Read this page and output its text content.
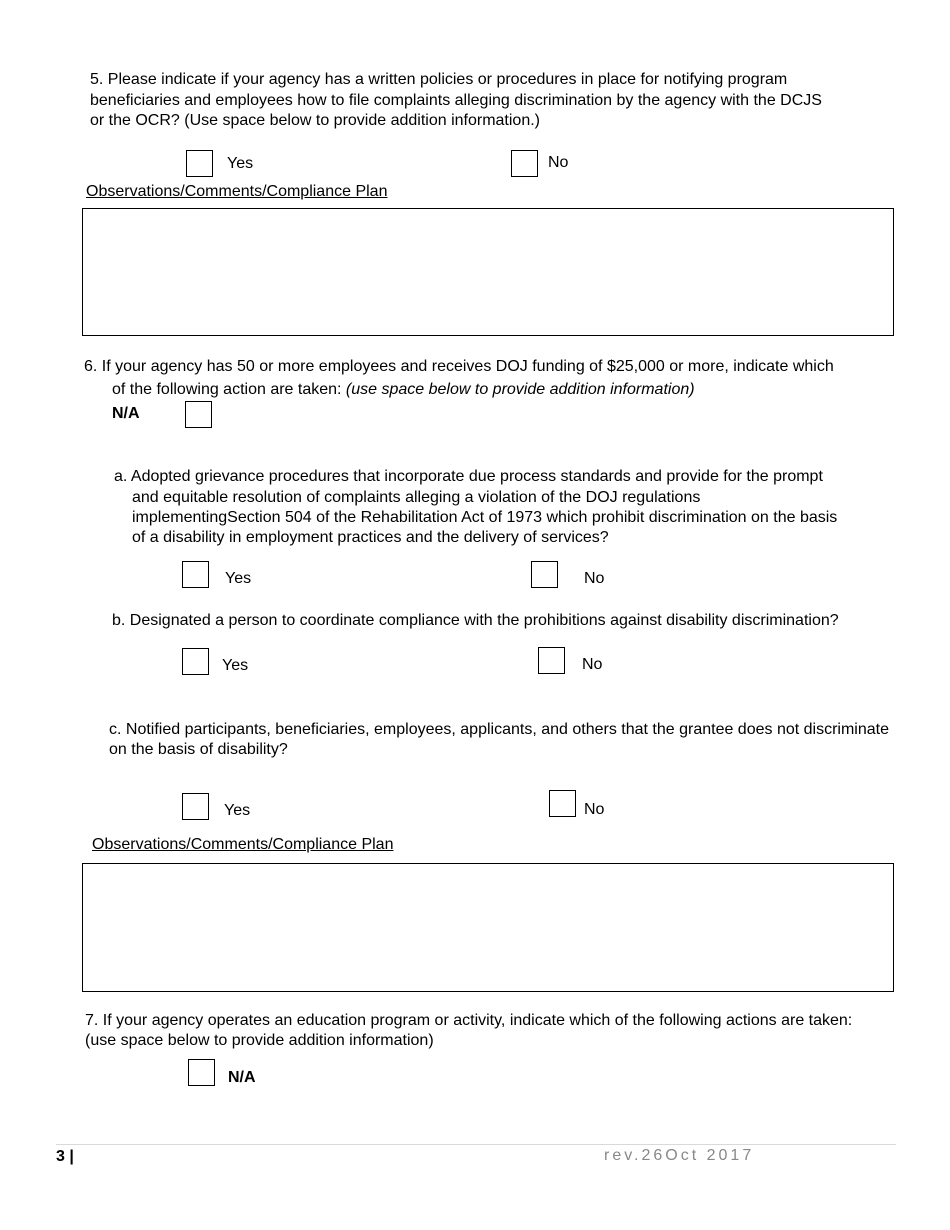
5. Please indicate if your agency has a written policies or procedures in place for notifying program
beneficiaries and employees how to file complaints alleging discrimination by the agency with the DCJS
or the OCR? (Use space below to provide addition information.)
Yes	No
Observations/Comments/Compliance Plan
6. If your agency has 50 or more employees and receives DOJ funding of $25,000 or more, indicate which
of the following action are taken: (use space below to provide addition information)
N/A
a. Adopted grievance procedures that incorporate due process standards and provide for the prompt
and equitable resolution of complaints alleging a violation of the DOJ regulations
implementingSection 504 of the Rehabilitation Act of 1973 which prohibit discrimination on the basis
of a disability in employment practices and the delivery of services?
Yes	No
b. Designated a person to coordinate compliance with the prohibitions against disability discrimination?
Yes	No
c. Notified participants, beneficiaries, employees, applicants, and others that the grantee does not discriminate
on the basis of disability?
Yes	No
Observations/Comments/Compliance Plan
7. If your agency operates an education program or activity, indicate which of the following actions are taken:
(use space below to provide addition information)
N/A
3 |	rev.26Oct 2017
